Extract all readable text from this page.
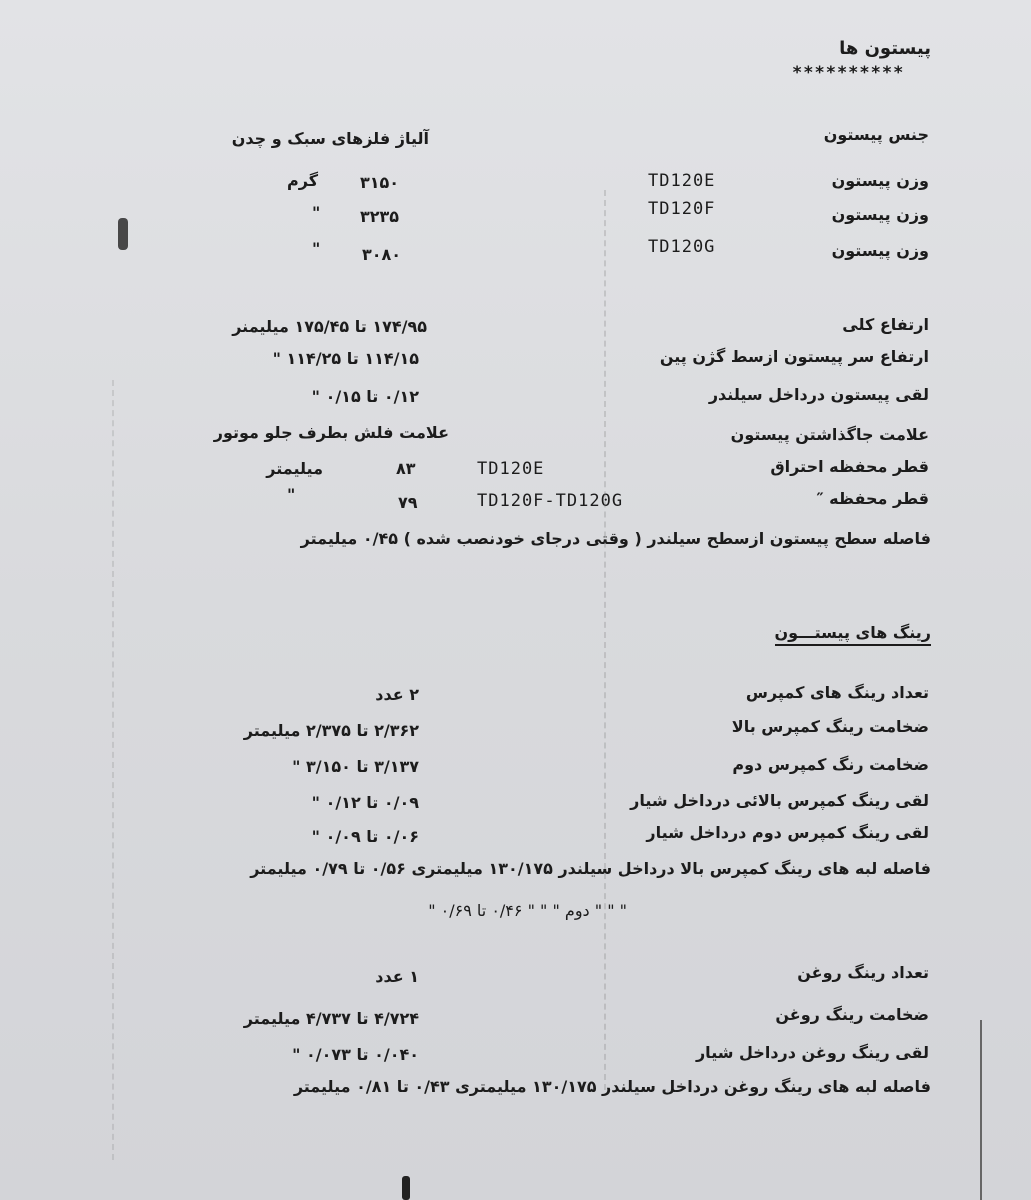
پیستون ها
**********
جنس پیستون
آلیاژ فلزهای سبک و چدن
وزن پیستون
TD120E
۳۱۵۰
گرم
وزن پیستون
TD120F
۳۲۳۵
"
وزن پیستون
TD120G
۳۰۸۰
"
ارتفاع کلی
۱۷۴/۹۵ تا ۱۷۵/۴۵ میلیمنر
ارتفاع سر پیستون ازسط گژن پین
۱۱۴/۱۵ تا ۱۱۴/۲۵ "
لقی پیستون درداخل سیلندر
۰/۱۲ تا ۰/۱۵ "
علامت جاگذاشتن پیستون
علامت فلش بطرف جلو موتور
قطر محفظه احتراق
TD120E
۸۳
میلیمتر
قطر محفظه ″
TD120F-TD120G
۷۹
"
فاصله سطح پیستون ازسطح سیلندر ( وقتی درجای خودنصب شده ) ۰/۴۵ میلیمتر
رینگ های پیستـــون
تعداد رینگ های کمپرس
۲ عدد
ضخامت رینگ کمپرس بالا
۲/۳۶۲ تا ۲/۳۷۵ میلیمتر
ضخامت رنگ کمپرس دوم
۳/۱۳۷ تا ۳/۱۵۰ "
لقی رینگ کمپرس بالائی درداخل شیار
۰/۰۹ تا ۰/۱۲ "
لقی رینگ کمپرس دوم درداخل شیار
۰/۰۶ تا ۰/۰۹ "
فاصله لبه های رینگ کمپرس بالا درداخل سیلندر ۱۳۰/۱۷۵ میلیمتری ۰/۵۶ تا ۰/۷۹ میلیمتر
" " " دوم " " " ۰/۴۶ تا ۰/۶۹ "
تعداد رینگ روغن
۱ عدد
ضخامت رینگ روغن
۴/۷۲۴ تا ۴/۷۳۷ میلیمتر
لقی رینگ روغن درداخل شیار
۰/۰۴۰ تا ۰/۰۷۳ "
فاصله لبه های رینگ روغن درداخل سیلندر ۱۳۰/۱۷۵ میلیمتری ۰/۴۳ تا ۰/۸۱ میلیمتر
